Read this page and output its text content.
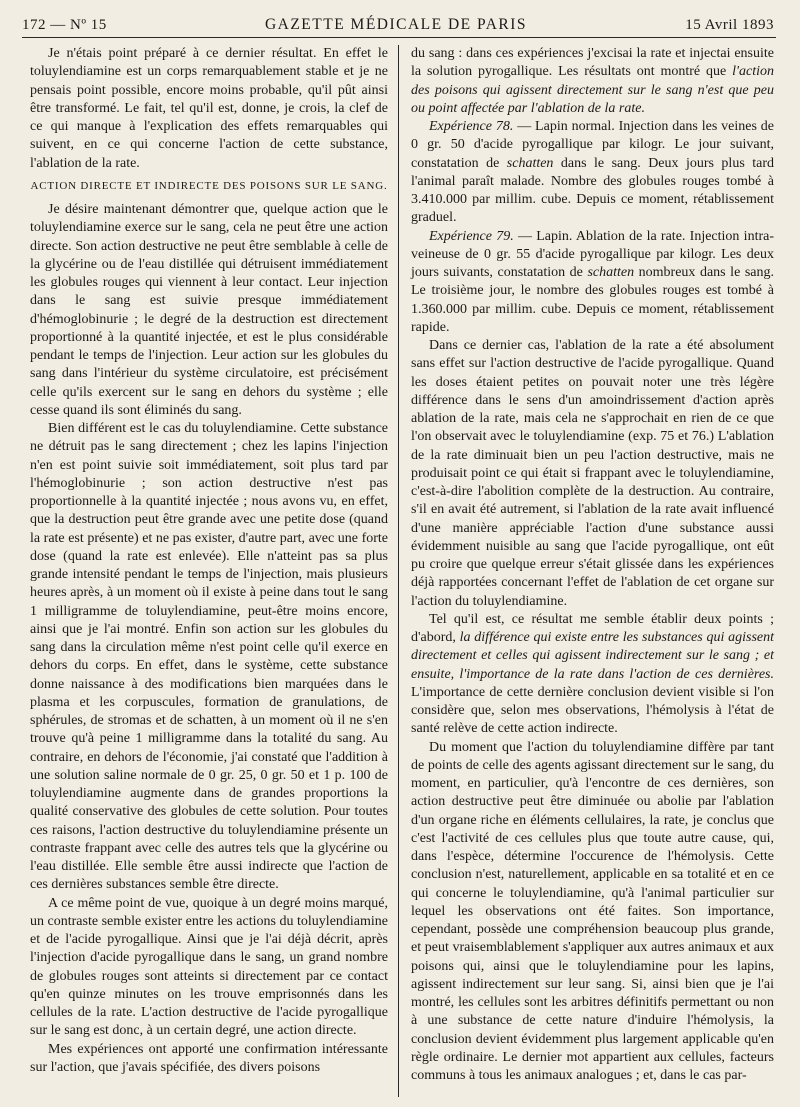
172 — Nº 15	GAZETTE MÉDICALE DE PARIS	15 Avril 1893

Je n'étais point préparé à ce dernier résultat. En effet le toluylendiamine est un corps remarquablement stable et je ne pensais point possible, encore moins probable, qu'il pût ainsi être transformé. Le fait, tel qu'il est, donne, je crois, la clef de ce qui manque à l'explication des effets remarquables qui suivent, en ce qui concerne l'action de cette substance, l'ablation de la rate.

ACTION DIRECTE ET INDIRECTE DES POISONS SUR LE SANG.

Je désire maintenant démontrer que, quelque action que le toluylendiamine exerce sur le sang, cela ne peut être une action directe. Son action destructive ne peut être semblable à celle de la glycérine ou de l'eau distillée qui détruisent immédiatement les globules rouges qui viennent à leur contact. Leur injection dans le sang est suivie presque immédiatement d'hémoglobinurie ; le degré de la destruction est directement proportionné à la quantité injectée, et est le plus considérable pendant le temps de l'injection. Leur action sur les globules du sang dans l'intérieur du système circulatoire, est précisément celle qu'ils exercent sur le sang en dehors du système ; elle cesse quand ils sont éliminés du sang.

Bien différent est le cas du toluylendiamine. Cette substance ne détruit pas le sang directement ; chez les lapins l'injection n'en est point suivie soit immédiatement, soit plus tard par l'hémoglobinurie ; son action destructive n'est pas proportionnelle à la quantité injectée ; nous avons vu, en effet, que la destruction peut être grande avec une petite dose (quand la rate est présente) et ne pas exister, d'autre part, avec une forte dose (quand la rate est enlevée). Elle n'atteint pas sa plus grande intensité pendant le temps de l'injection, mais plusieurs heures après, à un moment où il existe à peine dans tout le sang 1 milligramme de toluylendiamine, peut-être moins encore, ainsi que je l'ai montré. Enfin son action sur les globules du sang dans la circulation même n'est point celle qu'il exerce en dehors du corps. En effet, dans le système, cette substance donne naissance à des modifications bien marquées dans le plasma et les corpuscules, formation de granulations, de sphérules, de stromas et de schatten, à un moment où il ne s'en trouve qu'à peine 1 milligramme dans la totalité du sang. Au contraire, en dehors de l'économie, j'ai constaté que l'addition à une solution saline normale de 0 gr. 25, 0 gr. 50 et 1 p. 100 de toluylendiamine augmente dans de grandes proportions la qualité conservative des globules de cette solution. Pour toutes ces raisons, l'action destructive du toluylendiamine présente un contraste frappant avec celle des autres tels que la glycérine ou l'eau distillée. Elle semble être aussi indirecte que l'action de ces dernières substances semble être directe.

A ce même point de vue, quoique à un degré moins marqué, un contraste semble exister entre les actions du toluylendiamine et de l'acide pyrogallique. Ainsi que je l'ai déjà décrit, après l'injection d'acide pyrogallique dans le sang, un grand nombre de globules rouges sont atteints si directement par ce contact qu'en quinze minutes on les trouve emprisonnés dans les cellules de la rate. L'action destructive de l'acide pyrogallique sur le sang est donc, à un certain degré, une action directe.

Mes expériences ont apporté une confirmation intéressante sur l'action, que j'avais spécifiée, des divers poisons

du sang : dans ces expériences j'excisai la rate et injectai ensuite la solution pyrogallique. Les résultats ont montré que l'action des poisons qui agissent directement sur le sang n'est que peu ou point affectée par l'ablation de la rate.

Expérience 78. — Lapin normal. Injection dans les veines de 0 gr. 50 d'acide pyrogallique par kilogr. Le jour suivant, constatation de schatten dans le sang. Deux jours plus tard l'animal paraît malade. Nombre des globules rouges tombé à 3.410.000 par millim. cube. Depuis ce moment, rétablissement graduel.

Expérience 79. — Lapin. Ablation de la rate. Injection intra-veineuse de 0 gr. 55 d'acide pyrogallique par kilogr. Les deux jours suivants, constatation de schatten nombreux dans le sang. Le troisième jour, le nombre des globules rouges est tombé à 1.360.000 par millim. cube. Depuis ce moment, rétablissement rapide.

Dans ce dernier cas, l'ablation de la rate a été absolument sans effet sur l'action destructive de l'acide pyrogallique. Quand les doses étaient petites on pouvait noter une très légère différence dans le sens d'un amoindrissement d'action après ablation de la rate, mais cela ne s'approchait en rien de ce que l'on observait avec le toluylendiamine (exp. 75 et 76.) L'ablation de la rate diminuait bien un peu l'action destructive, mais ne produisait point ce qui était si frappant avec le toluylendiamine, c'est-à-dire l'abolition complète de la destruction. Au contraire, s'il en avait été autrement, si l'ablation de la rate avait influencé d'une manière appréciable l'action d'une substance aussi évidemment nuisible au sang que l'acide pyrogallique, ont eût pu croire que quelque erreur s'était glissée dans les expériences déjà rapportées concernant l'effet de l'ablation de cet organe sur l'action du toluylendiamine.

Tel qu'il est, ce résultat me semble établir deux points ; d'abord, la différence qui existe entre les substances qui agissent directement et celles qui agissent indirectement sur le sang ; et ensuite, l'importance de la rate dans l'action de ces dernières. L'importance de cette dernière conclusion devient visible si l'on considère que, selon mes observations, l'hémolysis à l'état de santé relève de cette action indirecte.

Du moment que l'action du toluylendiamine diffère par tant de points de celle des agents agissant directement sur le sang, du moment, en particulier, qu'à l'encontre de ces dernières, son action destructive peut être diminuée ou abolie par l'ablation d'un organe riche en éléments cellulaires, la rate, je conclus que c'est l'activité de ces cellules plus que toute autre cause, qui, dans l'espèce, détermine l'occurence de l'hémolysis. Cette conclusion n'est, naturellement, applicable en sa totalité et en ce qui concerne le toluylendiamine, qu'à l'animal particulier sur lequel les observations ont été faites. Son importance, cependant, possède une compréhension beaucoup plus grande, et peut vraisemblablement s'appliquer aux autres animaux et aux poisons qui, ainsi que le toluylendiamine pour les lapins, agissent indirectement sur leur sang. Si, ainsi bien que je l'ai montré, les cellules sont les arbitres définitifs permettant ou non à une substance de cette nature d'induire l'hémolysis, la conclusion devient évidemment plus largement applicable qu'en règle ordinaire. Le dernier mot appartient aux cellules, facteurs communs à tous les animaux analogues ; et, dans le cas par-
